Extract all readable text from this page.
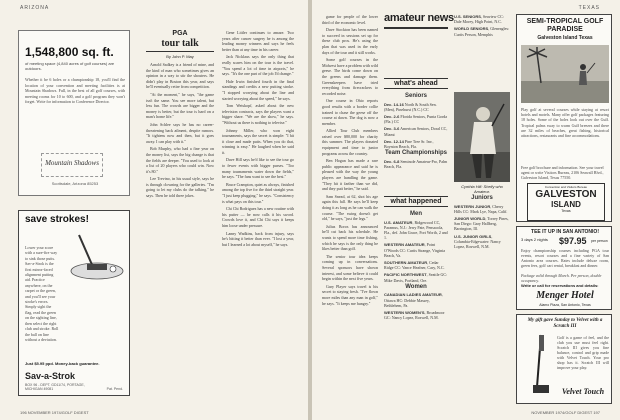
ARIZONA
1,548,800 sq. ft.
of meeting space (4,840 acres of golf courses) are outdoors.
Whether it be 6 holes or a championship 18, you'll find the location of your convention and meeting facilities is at Mountain Shadows. Full, in the best of all golf courses, with meeting rooms for 10 to 600, and a golf program they won't forget. Write for information to Conference Director.
Mountain Shadows
Scottsdale, Arizona 85253
save strokes!
Lower your score with a sure-fire way to sink those putts. Sav-a-Strok is the first mirror-faced alignment putting aid. Practice anywhere, on the carpet or the green, and you'll see your stroke's errors. Simply sight the flag, read the green on the sighting line, then select the right club and stroke. Roll the ball on line without a deviation.
Just $5.95 ppd. Money-back guarantee.
Sav-a-Strok
BOX 96 - DEPT. GD11/74, PORTAGE, MICHIGAN 49081	Pat. Pend.
PGA
tour talk
By John P. May

Arnold Sadkey is a friend of mine, and the kind of man who sometimes gives an opinion in a way to stir the shouters. He didn't play in Boston this year, and says he'll eventually retire from competition.

"At the moment," he says, "the game isn't the same. You see more talent, but less fun. The crowds are bigger and the money is better, but the tour is hard on a man's home life."

John Schlee says he has no career-threatening back ailment, despite rumors. "It tightens now and then, but it goes away. I can play with it."

Bob Murphy, who had a fine year on the money list, says the big change is that the fields are deeper. "You used to look at a list of 20 players who could win. Now it's 80."

Lee Trevino, in his usual style, says he is through clowning for the galleries. "I'm going to let my clubs do the talking," he says. Then he told three jokes.

Gene Littler continues to amaze. Two years after cancer surgery he is among the leading money winners and says he feels better than at any time in his career.

Jack Nicklaus says the only thing that really scares him on the tour is the travel. "You spend a lot of time in airports," he says. "It's the one part of the job I'd change."

Hale Irwin finished fourth in the final standings and credits a new putting stroke. "I stopped worrying about the line and started worrying about the speed," he says.

Tom Weiskopf, asked about the new television contracts, says the players want a bigger share. "We are the show," he says. "Without us there is nothing to televise."

Johnny Miller, who won eight tournaments, says the secret is simple: "I hit it close and made putts. When you do that, winning is easy." He laughed when he said it.

Dave Hill says he'd like to see the tour go to fewer events with bigger purses. "Too many tournaments water down the fields," he says. "The fans want to see the best."

Bruce Crampton, quiet as always, finished among the top five for the third straight year. "I just keep plugging," he says. "Consistency is what pays on this tour."

Chi Chi Rodriguez has a new routine with his putter — he now calls it his sword. Crowds love it, and Chi Chi says it keeps him loose under pressure.

Lanny Wadkins, back from injury, says he's hitting it better than ever. "I lost a year, but I learned a lot about myself," he says.

196 NOVEMBER 1974/GOLF DIGEST
TEXAS

game for people of the lower third of the economic level.

Dave Stockton has been named to succeed in sessions set up for these club pros. He's using the plan that was used in the early days of the tour and it still works.

Some golf courses in the Midwest have a problem with wild geese. The birds come down on the greens and damage them. Greenskeepers have tried everything from firecrackers to recorded noise.

One course in Ohio reports good results with a border collie trained to chase the geese off the course at dawn. The dog is now a member.

Allied Tour Club members raised over $80,000 for charity this summer. The players donated equipment and time to junior programs across the country.

Ben Hogan has made a rare public appearance and said he is pleased with the way the young players are handling the game. "They hit it farther than we did, and they putt better," he said.

Sam Snead, at 62, shot his age again this fall. He says he'll keep doing it as long as he can walk the course. "The swing doesn't get old," he says, "just the legs."

Julius Boros has announced he'll cut back his schedule. He wants to spend more time fishing, which he says is the only thing he likes better than golf.

The senior tour idea keeps coming up in conversations. Several sponsors have shown interest, and some believe it could begin within the next five years.

Gary Player says travel is his secret to staying fresh. "I've flown more miles than any man in golf," he says. "It keeps me hungry."

amateur news

what's ahead
Seniors
Dec. 14-16 North & South Sen. (Men), Pinehurst (N.C.) CC
Dec. 2-6 Florida Seniors, Punta Gorda (Fla.) CC
Dec. 3-6 American Seniors, Doral CC, Miami
Dec. 12-14 Pine Tree Sr. Inv., Boynton Beach, Fla.
Team Championships
Dec. 6-8 Seminole Amateur-Pro, Palm Beach, Fla.
what happened
Men
U.S. AMATEUR, Ridgewood CC, Paramus, N.J.: Jerry Pate, Pensacola, Fla., def. John Grace, Fort Worth, 2 and 1.
WESTERN AMATEUR, Point O'Woods CC: Curtis Strange, Virginia Beach, Va.
SOUTHERN AMATEUR, Cedar Ridge CC: Vance Heafner, Cary, N.C.
PACIFIC NORTHWEST, Seattle GC: Mike Davis, Portland, Ore.
Women
CANADIAN LADIES AMATEUR, Ottawa HC: Debbie Massey, Bethlehem, Pa.
WESTERN WOMEN'S, Broadmoor GC: Nancy Lopez, Roswell, N.M.
U.S. SENIORS, Seaview CC: Dale Morey, High Point, N.C.
WORLD SENIORS, Gleneagles: Curtis Person, Memphis
Cynthia Hill: Shelly who Amateur.
Juniors
WESTERN JUNIOR, Cherry Hills CC: Mark Lye, Napa, Calif.
JUNIOR WORLD, Torrey Pines, San Diego: Gary Hallberg, Barrington, Ill.
U.S. JUNIOR GIRLS, Columbia-Edgewater: Nancy Lopez, Roswell, N.M.
SEMI-TROPICAL GOLF PARADISE
Galveston Island Texas
Play golf at several courses while staying at resort hotels and motels. Many offer golf packages featuring 18 holes. Some of the holes look out over the Gulf. Tropical palms sway to warm Gulf breezes and there are 32 miles of beaches, great fishing, historical attractions, restaurants and fine accommodations.
Free golf brochure and information. See your travel agent or write Visitors Bureau, 2106 Seawall Blvd., Galveston Island, Texas 77550.
Convention and Visitors Bureau
GALVESTON
ISLAND
Texas
TEE IT UP IN SAN ANTONIO!
3 days 2 nights $97.95 per person
Enjoy championship courses including PGA tour events, resort courses and a fine variety of San Antonio area courses. Rates include deluxe room, green fees, golf cart rental, breakfast and dinner.
Package valid through March. Per person, double occupancy.
Write or call for reservations and details:
Menger Hotel
Alamo Plaza, San Antonio, Texas
My gift gave Sunday to Velvet with a Scratch III
Golf is a game of feel, and the club you use must feel right. Scratch III gives you fine balance, control and grip made with Velvet Touch. Your pro shop has it. Scratch III will improve your play.
Velvet Touch
NOVEMBER 1974/GOLF DIGEST 197
